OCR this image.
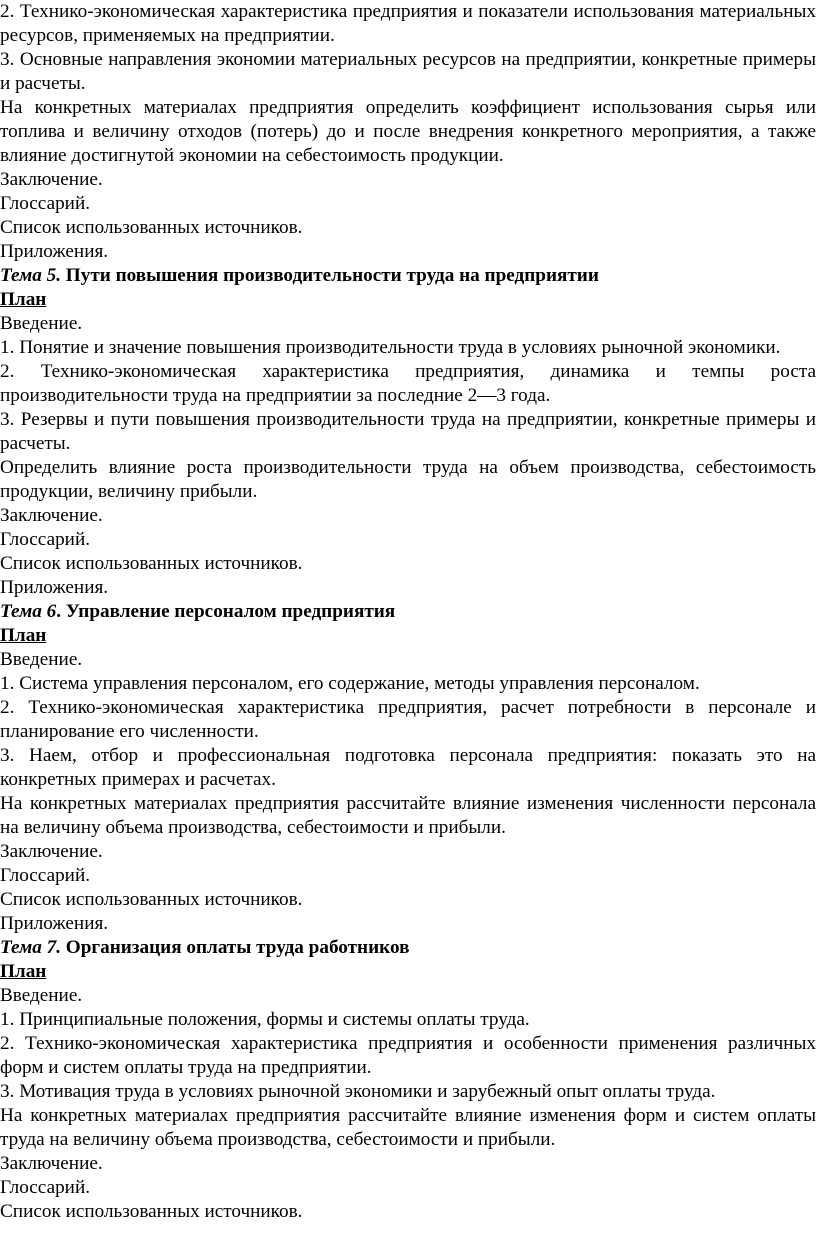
2. Технико-экономическая характеристика предприятия и показатели использования материальных ресурсов, применяемых на предприятии.

3. Основные направления экономии материальных ресурсов на предприятии, конкретные примеры и расчеты.

На конкретных материалах предприятия определить коэффициент использования сырья или топлива и величину отходов (потерь) до и после внедрения конкретного мероприятия, а также влияние достигнутой экономии на себестоимость продукции.

Заключение.

Глоссарий.

Список использованных источников.

Приложения.

Тема 5. Пути повышения производительности труда на предприятии

План

Введение.

1. Понятие и значение повышения производительности труда в условиях рыночной экономики.

2. Технико-экономическая характеристика предприятия, динамика и темпы роста производительности труда на предприятии за последние 2—3 года.

3. Резервы и пути повышения производительности труда на предприятии, конкретные примеры и расчеты.

Определить влияние роста производительности труда на объем производства, себестоимость продукции, величину прибыли.

Заключение.

Глоссарий.

Список использованных источников.

Приложения.

Тема 6. Управление персоналом предприятия

План

Введение.

1. Система управления персоналом, его содержание, методы управления персоналом.

2. Технико-экономическая характеристика предприятия, расчет потребности в персонале и планирование его численности.

3. Наем, отбор и профессиональная подготовка персонала предприятия: показать это на конкретных примерах и расчетах.

На конкретных материалах предприятия рассчитайте влияние изменения численности персонала на величину объема производства, себестоимости и прибыли.

Заключение.

Глоссарий.

Список использованных источников.

Приложения.

Тема 7. Организация оплаты труда работников

План

Введение.

1. Принципиальные положения, формы и системы оплаты труда.

2. Технико-экономическая характеристика предприятия и особенности применения различных форм и систем оплаты труда на предприятии.

3. Мотивация труда в условиях рыночной экономики и зарубежный опыт оплаты труда.

На конкретных материалах предприятия рассчитайте влияние изменения форм и систем оплаты труда на величину объема производства, себестоимости и прибыли.

Заключение.

Глоссарий.

Список использованных источников.
